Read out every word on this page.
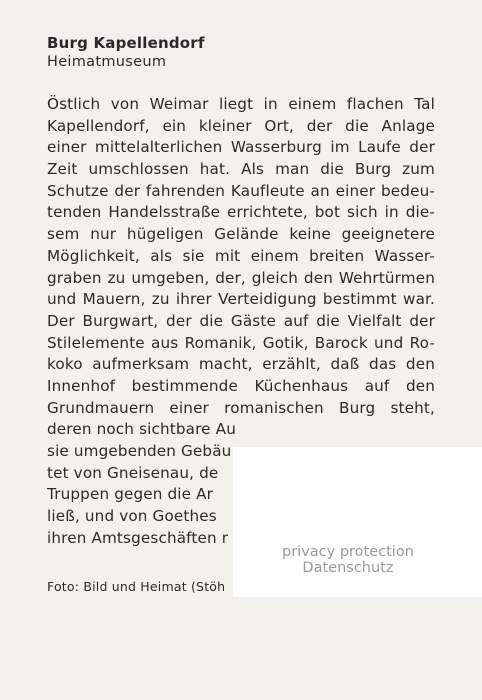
Burg Kapellendorf
Heimatmuseum
Östlich von Weimar liegt in einem flachen Tal
Kapellendorf, ein kleiner Ort, der die Anlage
einer mittelalterlichen Wasserburg im Laufe der
Zeit umschlossen hat. Als man die Burg zum
Schutze der fahrenden Kaufleute an einer bedeu-
tenden Handelsstraße errichtete, bot sich in die-
sem nur hügeligen Gelände keine geeignetere
Möglichkeit, als sie mit einem breiten Wasser-
graben zu umgeben, der, gleich den Wehrtürmen
und Mauern, zu ihrer Verteidigung bestimmt war.
Der Burgwart, der die Gäste auf die Vielfalt der
Stilelemente aus Romanik, Gotik, Barock und Ro-
koko aufmerksam macht, erzählt, daß das den
Innenhof bestimmende Küchenhaus auf den
Grundmauern einer romanischen Burg steht,
deren noch sichtbare Au
sie umgebenden Gebäu
tet von Gneisenau, de
Truppen gegen die Ar
ließ, und von Goethes
ihren Amtsgeschäften r
privacy protection
Datenschutz
Foto: Bild und Heimat (Stöh
